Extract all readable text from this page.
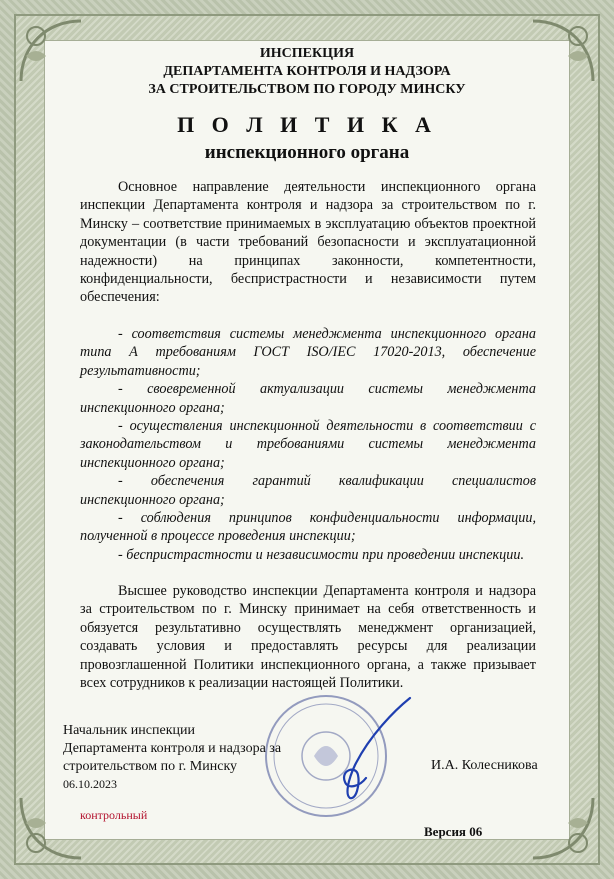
ИНСПЕКЦИЯ
ДЕПАРТАМЕНТА КОНТРОЛЯ И НАДЗОРА
ЗА СТРОИТЕЛЬСТВОМ ПО ГОРОДУ МИНСКУ
П О Л И Т И К А
инспекционного органа
Основное направление деятельности инспекционного органа инспекции Департамента контроля и надзора за строительством по г. Минску – соответствие принимаемых в эксплуатацию объектов проектной документации (в части требований безопасности и эксплуатационной надежности) на принципах законности, компетентности, конфиденциальности, беспристрастности и независимости путем обеспечения:
- соответствия системы менеджмента инспекционного органа типа А требованиям ГОСТ ISO/IEC 17020-2013, обеспечение результативности;
- своевременной актуализации системы менеджмента инспекционного органа;
- осуществления инспекционной деятельности в соответствии с законодательством и требованиями системы менеджмента инспекционного органа;
- обеспечения гарантий квалификации специалистов инспекционного органа;
- соблюдения принципов конфиденциальности информации, полученной в процессе проведения инспекции;
- беспристрастности и независимости при проведении инспекции.
Высшее руководство инспекции Департамента контроля и надзора за строительством по г. Минску принимает на себя ответственность и обязуется результативно осуществлять менеджмент организацией, создавать условия и предоставлять ресурсы для реализации провозглашенной Политики инспекционного органа, а также призывает всех сотрудников к реализации настоящей Политики.
Начальник инспекции
Департамента контроля и надзора за
строительством по г. Минску	И.А. Колесникова
06.10.2023
контрольный
Версия 06
